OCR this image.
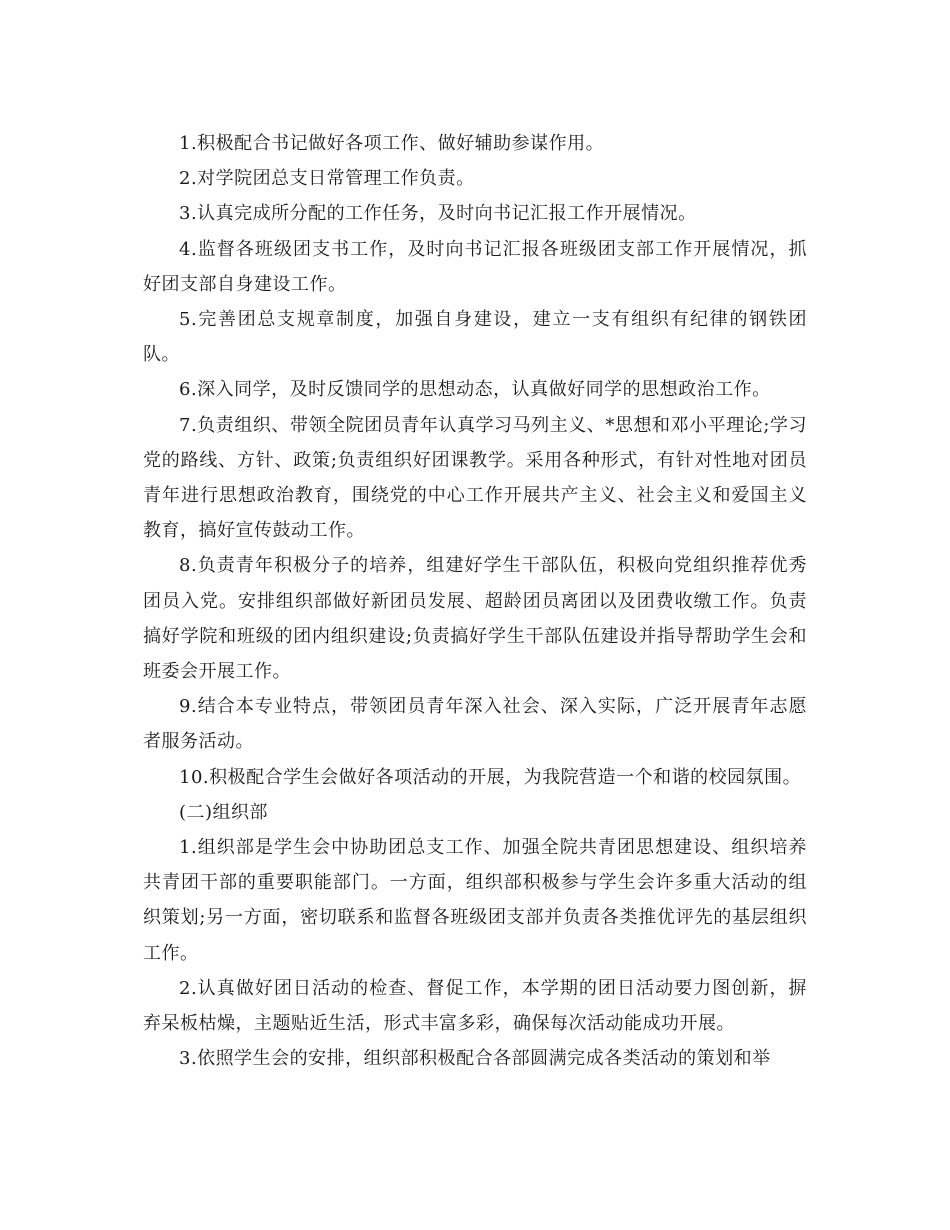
1.积极配合书记做好各项工作、做好辅助参谋作用。

2.对学院团总支日常管理工作负责。

3.认真完成所分配的工作任务，及时向书记汇报工作开展情况。

4.监督各班级团支书工作，及时向书记汇报各班级团支部工作开展情况，抓好团支部自身建设工作。

5.完善团总支规章制度，加强自身建设，建立一支有组织有纪律的钢铁团队。

6.深入同学，及时反馈同学的思想动态，认真做好同学的思想政治工作。

7.负责组织、带领全院团员青年认真学习马列主义、*思想和邓小平理论;学习党的路线、方针、政策;负责组织好团课教学。采用各种形式，有针对性地对团员青年进行思想政治教育，围绕党的中心工作开展共产主义、社会主义和爱国主义教育，搞好宣传鼓动工作。

8.负责青年积极分子的培养，组建好学生干部队伍，积极向党组织推荐优秀团员入党。安排组织部做好新团员发展、超龄团员离团以及团费收缴工作。负责搞好学院和班级的团内组织建设;负责搞好学生干部队伍建设并指导帮助学生会和班委会开展工作。

9.结合本专业特点，带领团员青年深入社会、深入实际，广泛开展青年志愿者服务活动。

10.积极配合学生会做好各项活动的开展，为我院营造一个和谐的校园氛围。

(二)组织部

1.组织部是学生会中协助团总支工作、加强全院共青团思想建设、组织培养共青团干部的重要职能部门。一方面，组织部积极参与学生会许多重大活动的组织策划;另一方面，密切联系和监督各班级团支部并负责各类推优评先的基层组织工作。

2.认真做好团日活动的检查、督促工作，本学期的团日活动要力图创新，摒弃呆板枯燥，主题贴近生活，形式丰富多彩，确保每次活动能成功开展。

3.依照学生会的安排，组织部积极配合各部圆满完成各类活动的策划和举
